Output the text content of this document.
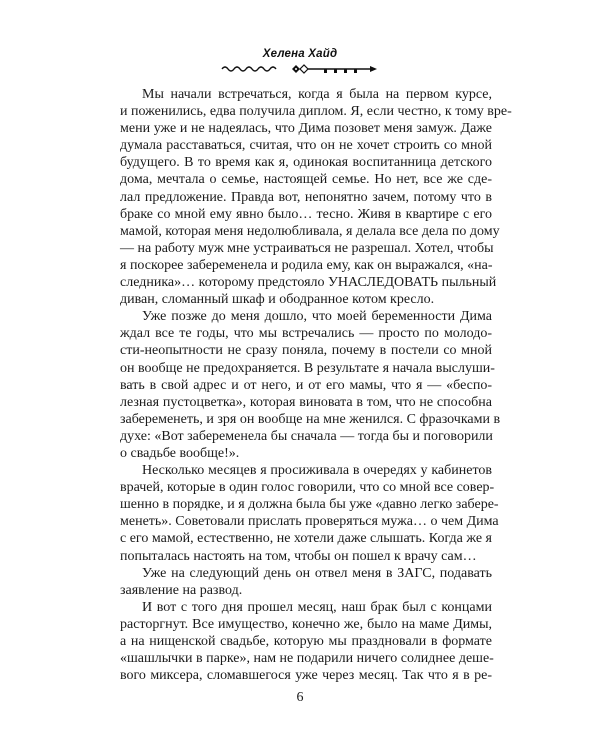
Хелена Хайд

Мы начали встречаться, когда я была на первом курсе,
и поженились, едва получила диплом. Я, если честно, к тому вре-
мени уже и не надеялась, что Дима позовет меня замуж. Даже
думала расставаться, считая, что он не хочет строить со мной
будущего. В то время как я, одинокая воспитанница детского
дома, мечтала о семье, настоящей семье. Но нет, все же сде-
лал предложение. Правда вот, непонятно зачем, потому что в
браке со мной ему явно было… тесно. Живя в квартире с его
мамой, которая меня недолюбливала, я делала все дела по дому
— на работу муж мне устраиваться не разрешал. Хотел, чтобы
я поскорее забеременела и родила ему, как он выражался, «на-
следника»… которому предстояло УНАСЛЕДОВАТЬ пыльный
диван, сломанный шкаф и ободранное котом кресло.

Уже позже до меня дошло, что моей беременности Дима
ждал все те годы, что мы встречались — просто по молодо-
сти-неопытности не сразу поняла, почему в постели со мной
он вообще не предохраняется. В результате я начала выслуши-
вать в свой адрес и от него, и от его мамы, что я — «беспо-
лезная пустоцветка», которая виновата в том, что не способна
забеременеть, и зря он вообще на мне женился. С фразочками в
духе: «Вот забеременела бы сначала — тогда бы и поговорили
о свадьбе вообще!».

Несколько месяцев я просиживала в очередях у кабинетов
врачей, которые в один голос говорили, что со мной все совер-
шенно в порядке, и я должна была бы уже «давно легко забере-
менеть». Советовали прислать проверяться мужа… о чем Дима
с его мамой, естественно, не хотели даже слышать. Когда же я
попыталась настоять на том, чтобы он пошел к врачу сам…

Уже на следующий день он отвел меня в ЗАГС, подавать
заявление на развод.

И вот с того дня прошел месяц, наш брак был с концами
расторгнут. Все имущество, конечно же, было на маме Димы,
а на нищенской свадьбе, которую мы праздновали в формате
«шашлычки в парке», нам не подарили ничего солиднее деше-
вого миксера, сломавшегося уже через месяц. Так что я в ре-

6
